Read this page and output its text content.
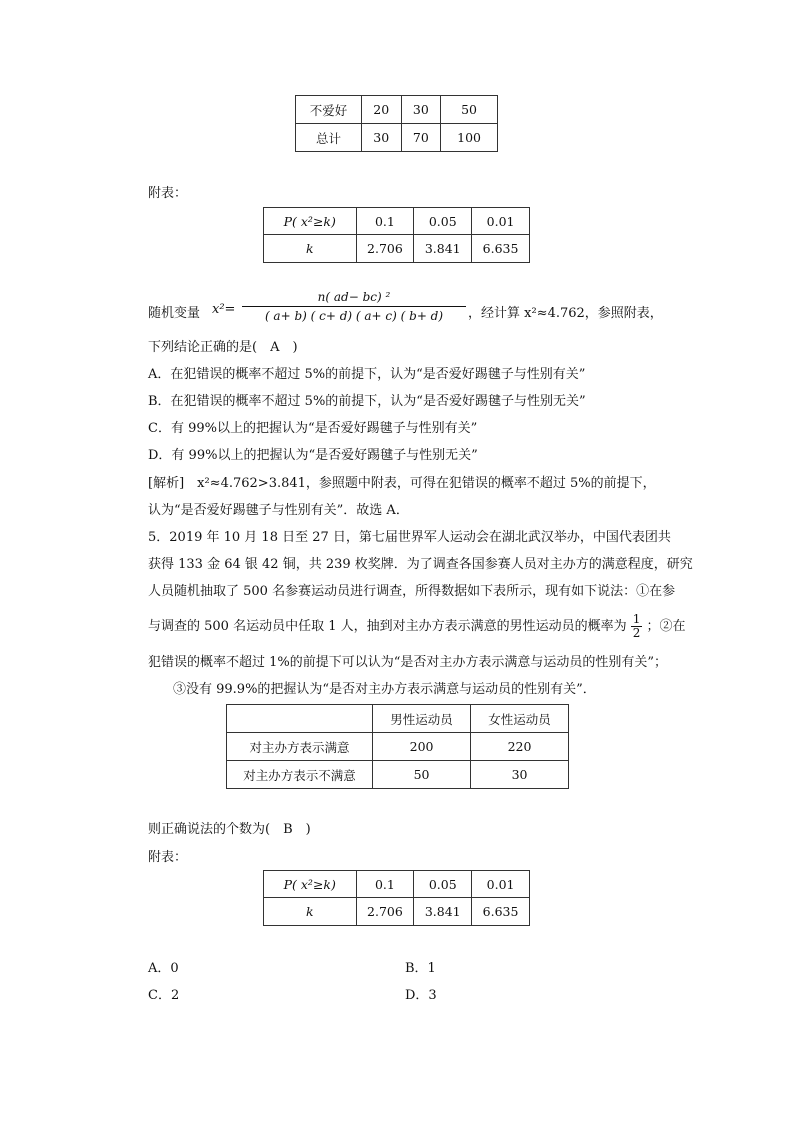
不爱好	20	30	50
总计	30	70	100
附表：
P( x²≥k)	0.1	0.05	0.01
k	2.706	3.841	6.635
随机变量 $x^2= \frac{\text{n( ad− bc) ²}}{( a+ b) ( c+ d) ( a+ c) ( b+ d)}$ ，经计算 x²≈4.762，参照附表，
下列结论正确的是(　A　)
A．在犯错误的概率不超过 5%的前提下，认为“是否爱好踢毽子与性别有关”
B．在犯错误的概率不超过 5%的前提下，认为“是否爱好踢毽子与性别无关”
C．有 99%以上的把握认为“是否爱好踢毽子与性别有关”
D．有 99%以上的把握认为“是否爱好踢毽子与性别无关”
[解析]　x²≈4.762>3.841，参照题中附表，可得在犯错误的概率不超过 5%的前提下，
认为“是否爱好踢毽子与性别有关”．故选 A．
5．2019 年 10 月 18 日至 27 日，第七届世界军人运动会在湖北武汉举办，中国代表团共
获得 133 金 64 银 42 铜，共 239 枚奖牌．为了调查各国参赛人员对主办方的满意程度，研究
人员随机抽取了 500 名参赛运动员进行调查，所得数据如下表所示，现有如下说法：①在参
与调查的 500 名运动员中任取 1 人，抽到对主办方表示满意的男性运动员的概率为 $\frac{1}{2}$ ；②在
犯错误的概率不超过 1%的前提下可以认为“是否对主办方表示满意与运动员的性别有关”；
③没有 99.9%的把握认为“是否对主办方表示满意与运动员的性别有关”．
	男性运动员	女性运动员
对主办方表示满意	200	220
对主办方表示不满意	50	30
则正确说法的个数为(　B　)
附表：
P( x²≥k)	0.1	0.05	0.01
k	2.706	3.841	6.635
A．0	B．1
C．2	D．3
